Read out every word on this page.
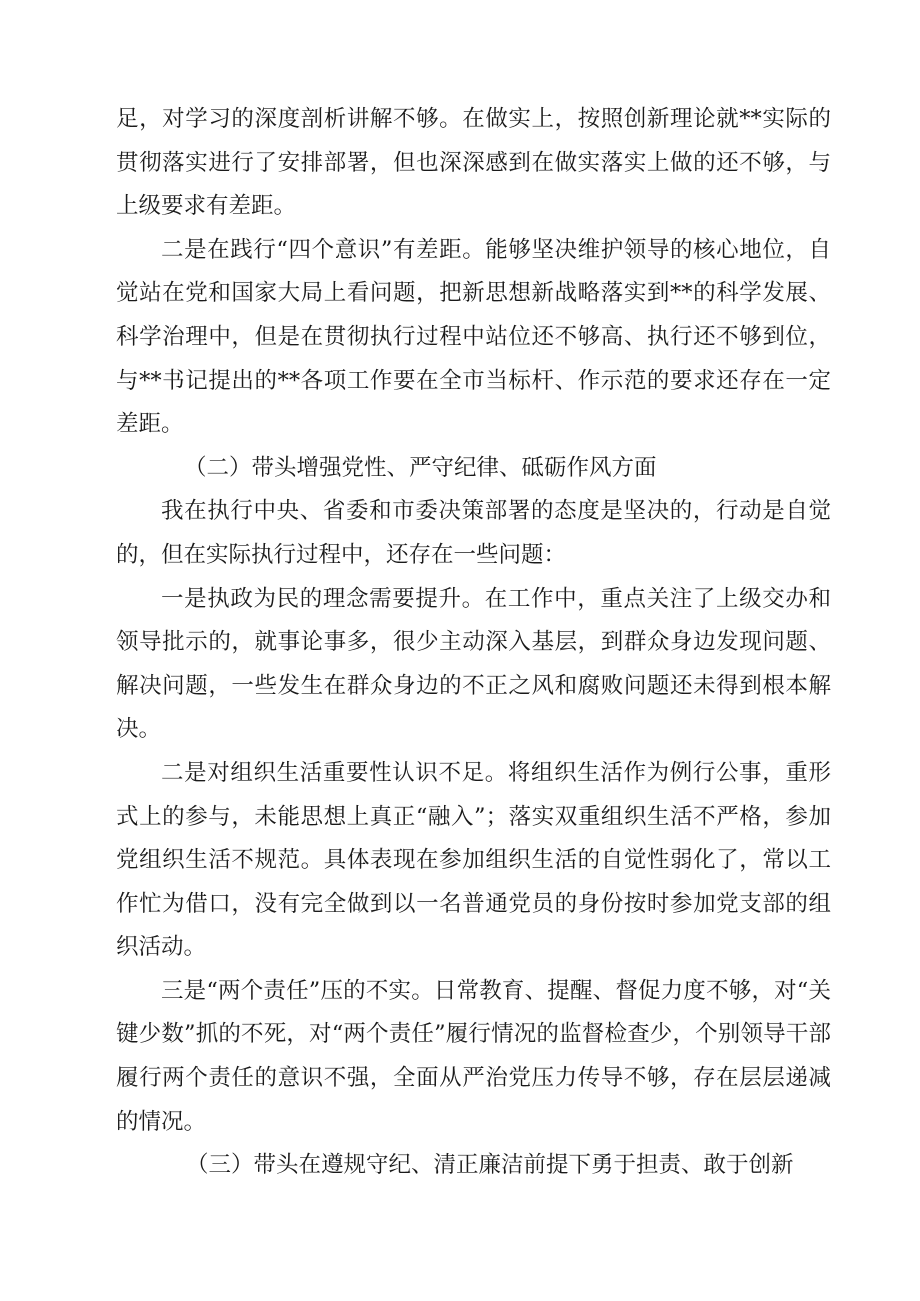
足，对学习的深度剖析讲解不够。在做实上，按照创新理论就**实际的贯彻落实进行了安排部署，但也深深感到在做实落实上做的还不够，与上级要求有差距。

二是在践行“四个意识”有差距。能够坚决维护领导的核心地位，自觉站在党和国家大局上看问题，把新思想新战略落实到**的科学发展、科学治理中，但是在贯彻执行过程中站位还不够高、执行还不够到位，与**书记提出的**各项工作要在全市当标杆、作示范的要求还存在一定差距。

（二）带头增强党性、严守纪律、砥砺作风方面

我在执行中央、省委和市委决策部署的态度是坚决的，行动是自觉的，但在实际执行过程中，还存在一些问题：

一是执政为民的理念需要提升。在工作中，重点关注了上级交办和领导批示的，就事论事多，很少主动深入基层，到群众身边发现问题、解决问题，一些发生在群众身边的不正之风和腐败问题还未得到根本解决。

二是对组织生活重要性认识不足。将组织生活作为例行公事，重形式上的参与，未能思想上真正“融入”；落实双重组织生活不严格，参加党组织生活不规范。具体表现在参加组织生活的自觉性弱化了，常以工作忙为借口，没有完全做到以一名普通党员的身份按时参加党支部的组织活动。

三是“两个责任”压的不实。日常教育、提醒、督促力度不够，对“关键少数”抓的不死，对“两个责任”履行情况的监督检查少，个别领导干部履行两个责任的意识不强，全面从严治党压力传导不够，存在层层递减的情况。

（三）带头在遵规守纪、清正廉洁前提下勇于担责、敢于创新
